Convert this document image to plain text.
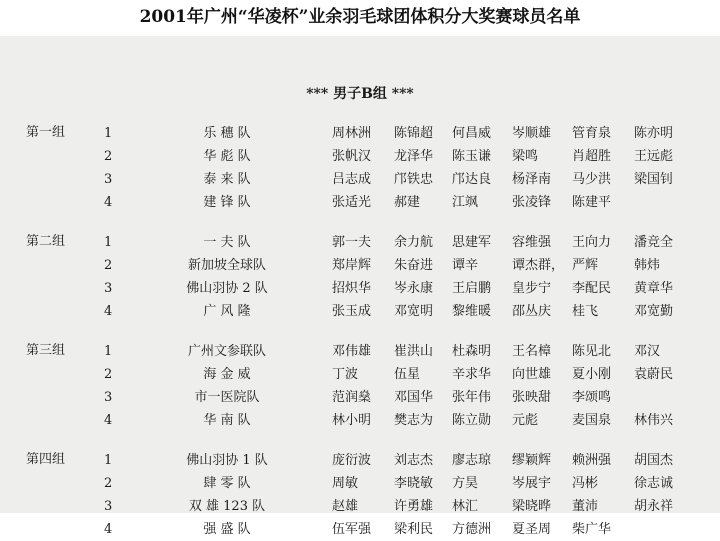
2001年广州“华凌杯”业余羽毛球团体积分大奖赛球员名单
*** 男子B组 ***
第一组	1	乐 穗 队	周林洲 陈锦超 何昌威 岑顺雄 管育泉 陈亦明
2	华 彪 队	张帆汉 龙泽华 陈玉谦 梁鸣	肖超胜 王远彪
3	泰 来 队	吕志成 邝铁忠 邝达良 杨泽南 马少洪 梁国钊
4	建 锋 队	张适光 郝建 江飒	张凌锋 陈建平
第二组	1	一 夫 队	郭一夫 余力航 思建军 容维强 王向力 潘竞全
2	新加坡全球队	郑岸辉 朱奋进 谭辛	谭杰群， 严辉	韩炜
3	佛山羽协 2 队	招炽华 岑永康 王启鹏 皇步宁 李配民 黄章华
4	广 风 隆	张玉成 邓宽明 黎维暖 邵丛庆 桂飞	邓宽勤
第三组	1	广州文参联队	邓伟雄 崔洪山 杜森明 王名樟 陈见北 邓汉
2	海 金 威	丁波	伍星 辛求华 向世雄 夏小刚 袁蔚民
3	市一医院队	范润燊 邓国华 张年伟 张映甜 李颂鸣
4	华 南 队	林小明 樊志为 陈立勋 元彪	麦国泉 林伟兴
第四组	1	佛山羽协 1 队	庞衍波 刘志杰 廖志琼 缪颖辉 赖洲强 胡国杰
2	肆 零 队	周敏	李晓敏 方昊	岑展宇 冯彬	徐志诚
3	双 雄 123 队	赵雄	许勇雄 林汇	梁晓晔 董沛	胡永祥
4	强 盛 队	伍军强 梁利民 方德洲 夏圣周 柴广华
